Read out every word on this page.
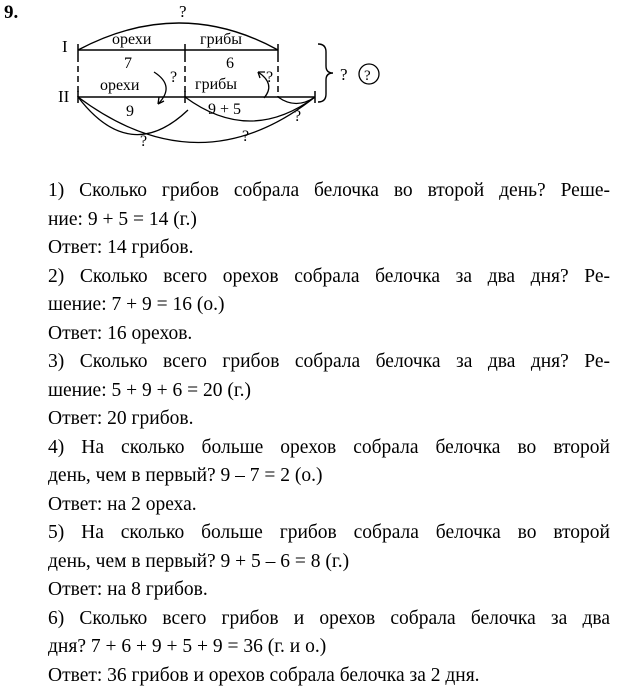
9.
I
II
?
орехи	грибы
7	6
орехи	грибы
9	9 + 5
?	?
?
?	?
? ?
1) Сколько грибов собрала белочка во второй день? Реше-
ние: 9 + 5 = 14 (г.)
Ответ: 14 грибов.
2) Сколько всего орехов собрала белочка за два дня? Ре-
шение: 7 + 9 = 16 (о.)
Ответ: 16 орехов.
3) Сколько всего грибов собрала белочка за два дня? Ре-
шение: 5 + 9 + 6 = 20 (г.)
Ответ: 20 грибов.
4) На сколько больше орехов собрала белочка во второй
день, чем в первый? 9 – 7 = 2 (о.)
Ответ: на 2 ореха.
5) На сколько больше грибов собрала белочка во второй
день, чем в первый? 9 + 5 – 6 = 8 (г.)
Ответ: на 8 грибов.
6) Сколько всего грибов и орехов собрала белочка за два
дня? 7 + 6 + 9 + 5 + 9 = 36 (г. и о.)
Ответ: 36 грибов и орехов собрала белочка за 2 дня.
